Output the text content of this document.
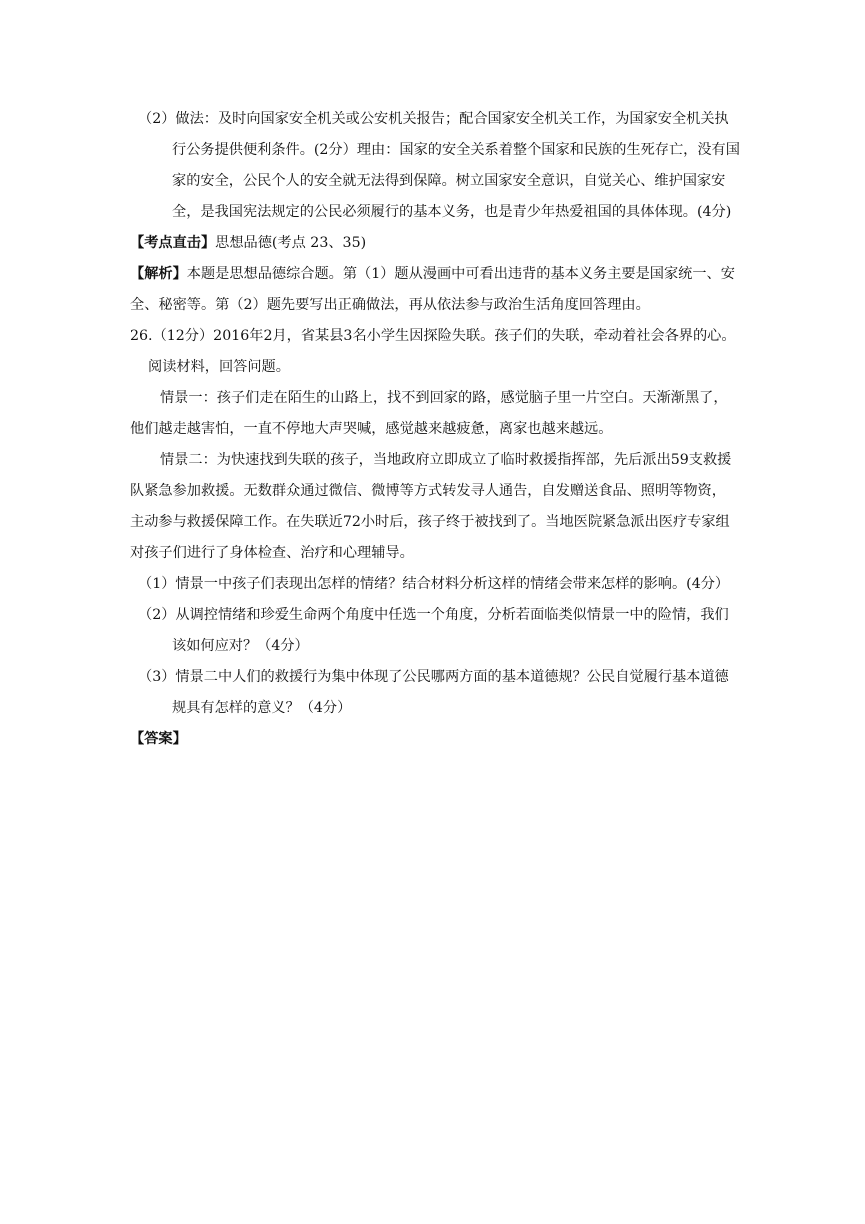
（2）做法：及时向国家安全机关或公安机关报告；配合国家安全机关工作，为国家安全机关执行公务提供便利条件。(2分）理由：国家的安全关系着整个国家和民族的生死存亡，没有国家的安全，公民个人的安全就无法得到保障。树立国家安全意识，自觉关心、维护国家安全，是我国宪法规定的公民必须履行的基本义务，也是青少年热爱祖国的具体体现。(4分)

【考点直击】思想品德(考点 23、35)

【解析】本题是思想品德综合题。第（1）题从漫画中可看出违背的基本义务主要是国家统一、安全、秘密等。第（2）题先要写出正确做法，再从依法参与政治生活角度回答理由。

26.（12分）2016年2月，省某县3名小学生因探险失联。孩子们的失联，牵动着社会各界的心。阅读材料，回答问题。

情景一：孩子们走在陌生的山路上，找不到回家的路，感觉脑子里一片空白。天渐渐黑了，他们越走越害怕，一直不停地大声哭喊，感觉越来越疲惫，离家也越来越远。

情景二：为快速找到失联的孩子，当地政府立即成立了临时救援指挥部，先后派出59支救援队紧急参加救援。无数群众通过微信、微博等方式转发寻人通告，自发赠送食品、照明等物资，主动参与救援保障工作。在失联近72小时后，孩子终于被找到了。当地医院紧急派出医疗专家组对孩子们进行了身体检查、治疗和心理辅导。

（1）情景一中孩子们表现出怎样的情绪？结合材料分析这样的情绪会带来怎样的影响。(4分）

（2）从调控情绪和珍爱生命两个角度中任选一个角度，分析若面临类似情景一中的险情，我们该如何应对？（4分）

（3）情景二中人们的救援行为集中体现了公民哪两方面的基本道德规？公民自觉履行基本道德规具有怎样的意义？（4分）

【答案】
